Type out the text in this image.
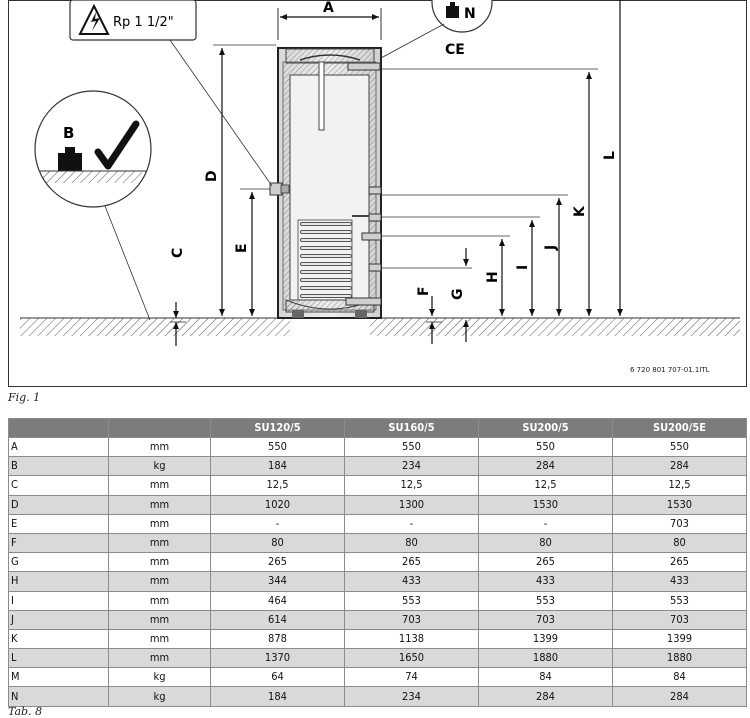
A
Rp 1 1/2"
N
CE
B
C
D
E
F G
H
I
J
K
L
6 720 801 707-01.1ITL
Fig. 1
		SU120/5	SU160/5	SU200/5	SU200/5E
A	mm	550	550	550	550
B	kg	184	234	284	284
C	mm	12,5	12,5	12,5	12,5
D	mm	1020	1300	1530	1530
E	mm	-	-	-	703
F	mm	80	80	80	80
G	mm	265	265	265	265
H	mm	344	433	433	433
I	mm	464	553	553	553
J	mm	614	703	703	703
K	mm	878	1138	1399	1399
L	mm	1370	1650	1880	1880
M	kg	64	74	84	84
N	kg	184	234	284	284
Tab. 8
